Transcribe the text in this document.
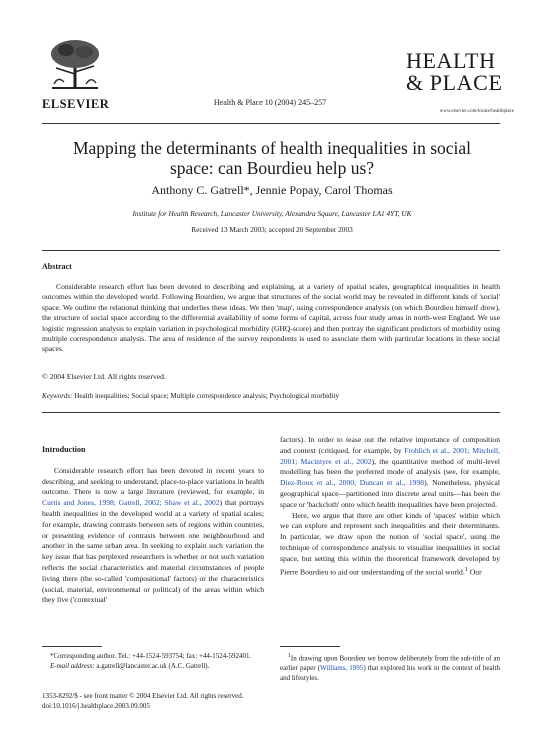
ELSEVIER	Health & Place 10 (2004) 245–257
HEALTH
& PLACE
www.elsevier.com/locate/healthplace
Mapping the determinants of health inequalities in social space: can Bourdieu help us?
Anthony C. Gatrell*, Jennie Popay, Carol Thomas
Institute for Health Research, Lancaster University, Alexandra Square, Lancaster LA1 4YT, UK
Received 13 March 2003; accepted 20 September 2003
Abstract
Considerable research effort has been devoted to describing and explaining, at a variety of spatial scales, geographical inequalities in health outcomes within the developed world. Following Bourdieu, we argue that structures of the social world may be revealed in different kinds of 'social' space. We outline the relational thinking that underlies these ideas. We then 'map', using correspondence analysis (on which Bourdieu himself drew), the structure of social space according to the differential availability of some forms of capital, across four study areas in north-west England. We use logistic regression analysis to explain variation in psychological morbidity (GHQ-score) and then portray the significant predictors of morbidity using multiple correspondence analysis. The area of residence of the survey respondents is used to associate them with particular locations in these social spaces.
© 2004 Elsevier Ltd. All rights reserved.
Keywords: Health inequalities; Social space; Multiple correspondence analysis; Psychological morbidity
Introduction

Considerable research effort has been devoted in recent years to describing, and seeking to understand, place-to-place variations in health outcome. There is now a large literature (reviewed, for example, in Curtis and Jones, 1998; Gatrell, 2002; Shaw et al., 2002) that portrays health inequalities in the developed world at a variety of spatial scales; for example, drawing contrasts between sets of regions within countries, or presenting evidence of contrasts between one neighbourhood and another in the same urban area. In seeking to explain such variation the key issue that has perplexed researchers is whether or not such variation reflects the social characteristics and material circumstances of people living there (the so-called 'compositional' factors) or the characteristics (social, material, environmental or political) of the areas within which they live ('contextual'

factors). In order to tease out the relative importance of composition and context (critiqued, for example, by Frohlich et al., 2001; Mitchell, 2001; Macintyre et al., 2002), the quantitative method of multi-level modelling has been the preferred mode of analysis (see, for example, Diez-Roux et al., 2000; Duncan et al., 1998). Nonetheless, physical geographical space—partitioned into discrete areal units—has been the space or 'backcloth' onto which health inequalities have been projected.

Here, we argue that there are other kinds of 'spaces' within which we can explore and represent such inequalities and their determinants. In particular, we draw upon the notion of 'social space', using the technique of correspondence analysis to visualise inequalities in social space, but setting this within the theoretical framework developed by Pierre Bourdieu to aid our understanding of the social world.$^1$ Our

*Corresponding author. Tel.: +44-1524-593754; fax: +44-1524-592401.
E-mail address: a.gatrell@lancaster.ac.uk (A.C. Gatrell).
$^1$In drawing upon Bourdieu we borrow deliberately from the sub-title of an earlier paper (Williams, 1995) that explored his work in the context of health and lifestyles.
1353-8292/$ - see front matter © 2004 Elsevier Ltd. All rights reserved.
doi:10.1016/j.healthplace.2003.09.005
